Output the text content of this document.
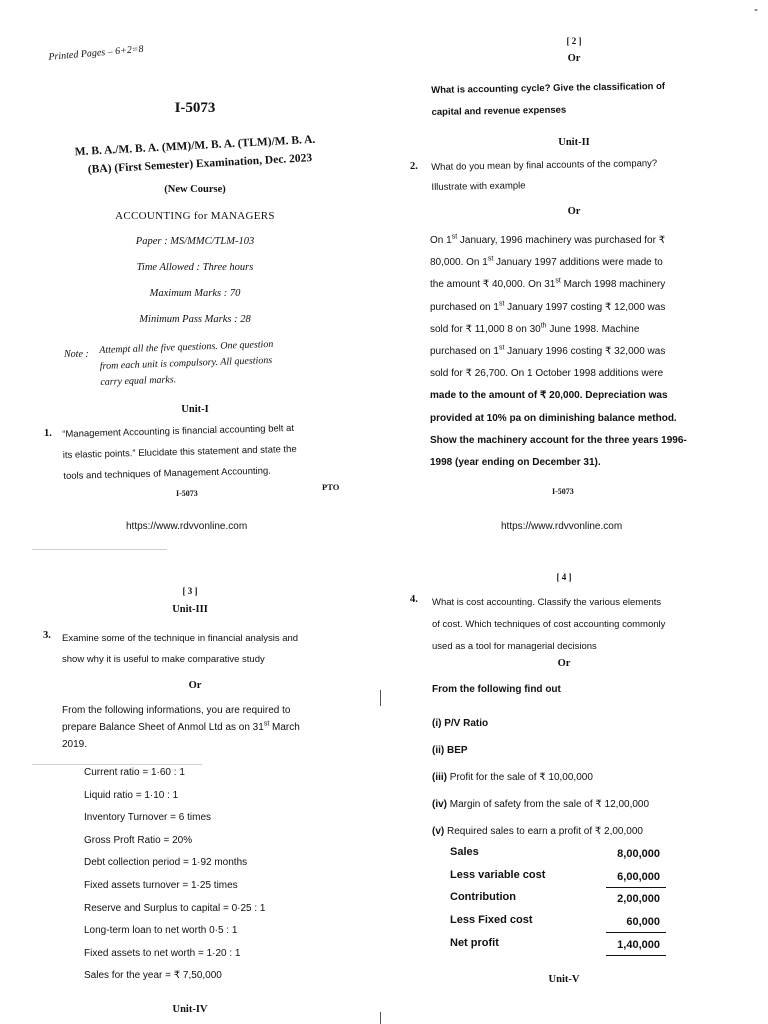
-
Printed Pages – 6+2=8
I-5073
M. B. A./M. B. A. (MM)/M. B. A. (TLM)/M. B. A.
(BA) (First Semester) Examination, Dec. 2023
(New Course)
ACCOUNTING for MANAGERS
Paper : MS/MMC/TLM-103
Time Allowed : Three hours
Maximum Marks : 70
Minimum Pass Marks : 28
Note : Attempt all the five questions. One question
from each unit is compulsory. All questions
carry equal marks.
Unit-I
1. “Management Accounting is financial accounting belt at
its elastic points.” Elucidate this statement and state the
tools and techniques of Management Accounting.
I-5073
PTO
https://www.rdvvonline.com
[ 2 ]
Or
What is accounting cycle? Give the classification of
capital and revenue expenses
Unit-II
2. What do you mean by final accounts of the company?
Illustrate with example
Or
On 1st January, 1996 machinery was purchased for ₹
80,000. On 1st January 1997 additions were made to
the amount ₹ 40,000. On 31st March 1998 machinery
purchased on 1st January 1997 costing ₹ 12,000 was
sold for ₹ 11,000 8 on 30th June 1998. Machine
purchased on 1st January 1996 costing ₹ 32,000 was
sold for ₹ 26,700. On 1 October 1998 additions were
made to the amount of ₹ 20,000. Depreciation was
provided at 10% pa on diminishing balance method.
Show the machinery account for the three years 1996-
1998 (year ending on December 31).
I-5073
https://www.rdvvonline.com
[ 3 ]
Unit-III
3. Examine some of the technique in financial analysis and
show why it is useful to make comparative study
Or
From the following informations, you are required to
prepare Balance Sheet of Anmol Ltd as on 31st March
2019.
Current ratio = 1·60 : 1
Liquid ratio = 1·10 : 1
Inventory Turnover = 6 times
Gross Proft Ratio = 20%
Debt collection period = 1·92 months
Fixed assets turnover = 1·25 times
Reserve and Surplus to capital = 0·25 : 1
Long-term loan to net worth 0·5 : 1
Fixed assets to net worth = 1·20 : 1
Sales for the year = ₹ 7,50,000
Unit-IV
[ 4 ]
4. What is cost accounting. Classify the various elements
of cost. Which techniques of cost accounting commonly
used as a tool for managerial decisions
Or
From the following find out
(i) P/V Ratio
(ii) BEP
(iii) Profit for the sale of ₹ 10,00,000
(iv) Margin of safety from the sale of ₹ 12,00,000
(v) Required sales to earn a profit of ₹ 2,00,000
Sales	8,00,000
Less variable cost	6,00,000
Contribution	2,00,000
Less Fixed cost	60,000
Net profit	1,40,000
Unit-V
